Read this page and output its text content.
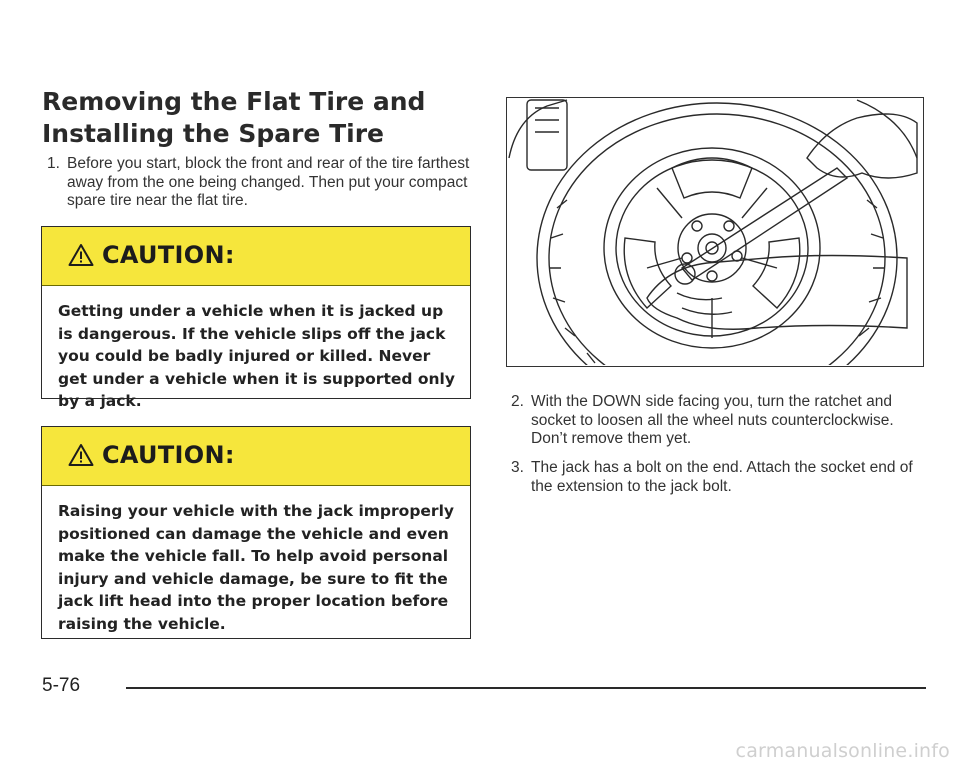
Removing the Flat Tire and Installing the Spare Tire
1. Before you start, block the front and rear of the tire farthest away from the one being changed. Then put your compact spare tire near the flat tire.
CAUTION:
Getting under a vehicle when it is jacked up is dangerous. If the vehicle slips off the jack you could be badly injured or killed. Never get under a vehicle when it is supported only by a jack.
CAUTION:
Raising your vehicle with the jack improperly positioned can damage the vehicle and even make the vehicle fall. To help avoid personal injury and vehicle damage, be sure to fit the jack lift head into the proper location before raising the vehicle.
2. With the DOWN side facing you, turn the ratchet and socket to loosen all the wheel nuts counterclockwise. Don’t remove them yet.
3. The jack has a bolt on the end. Attach the socket end of the extension to the jack bolt.
5-76
carmanualsonline.info
